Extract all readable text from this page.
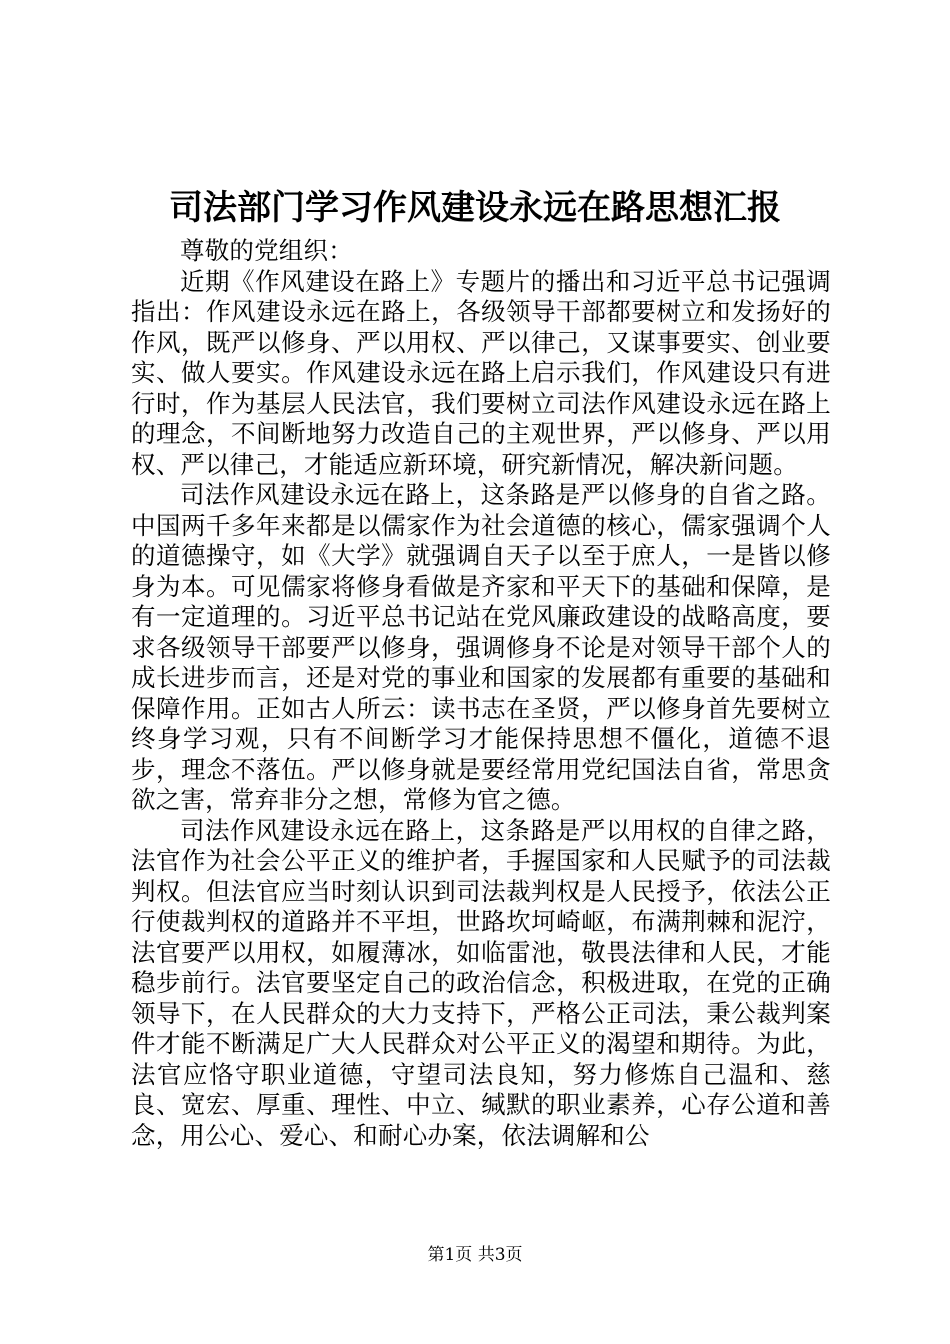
司法部门学习作风建设永远在路思想汇报

尊敬的党组织：

近期《作风建设在路上》专题片的播出和习近平总书记强调指出：作风建设永远在路上，各级领导干部都要树立和发扬好的作风，既严以修身、严以用权、严以律己，又谋事要实、创业要实、做人要实。作风建设永远在路上启示我们，作风建设只有进行时，作为基层人民法官，我们要树立司法作风建设永远在路上的理念，不间断地努力改造自己的主观世界，严以修身、严以用权、严以律己，才能适应新环境，研究新情况，解决新问题。

司法作风建设永远在路上，这条路是严以修身的自省之路。中国两千多年来都是以儒家作为社会道德的核心，儒家强调个人的道德操守，如《大学》就强调自天子以至于庶人，一是皆以修身为本。可见儒家将修身看做是齐家和平天下的基础和保障，是有一定道理的。习近平总书记站在党风廉政建设的战略高度，要求各级领导干部要严以修身，强调修身不论是对领导干部个人的成长进步而言，还是对党的事业和国家的发展都有重要的基础和保障作用。正如古人所云：读书志在圣贤，严以修身首先要树立终身学习观，只有不间断学习才能保持思想不僵化，道德不退步，理念不落伍。严以修身就是要经常用党纪国法自省，常思贪欲之害，常弃非分之想，常修为官之德。

司法作风建设永远在路上，这条路是严以用权的自律之路，法官作为社会公平正义的维护者，手握国家和人民赋予的司法裁判权。但法官应当时刻认识到司法裁判权是人民授予，依法公正行使裁判权的道路并不平坦，世路坎坷崎岖，布满荆棘和泥泞，法官要严以用权，如履薄冰，如临雷池，敬畏法律和人民，才能稳步前行。法官要坚定自己的政治信念，积极进取，在党的正确领导下，在人民群众的大力支持下，严格公正司法，秉公裁判案件才能不断满足广大人民群众对公平正义的渴望和期待。为此，法官应恪守职业道德，守望司法良知，努力修炼自己温和、慈良、宽宏、厚重、理性、中立、缄默的职业素养，心存公道和善念，用公心、爱心、和耐心办案，依法调解和公

第1页 共3页
